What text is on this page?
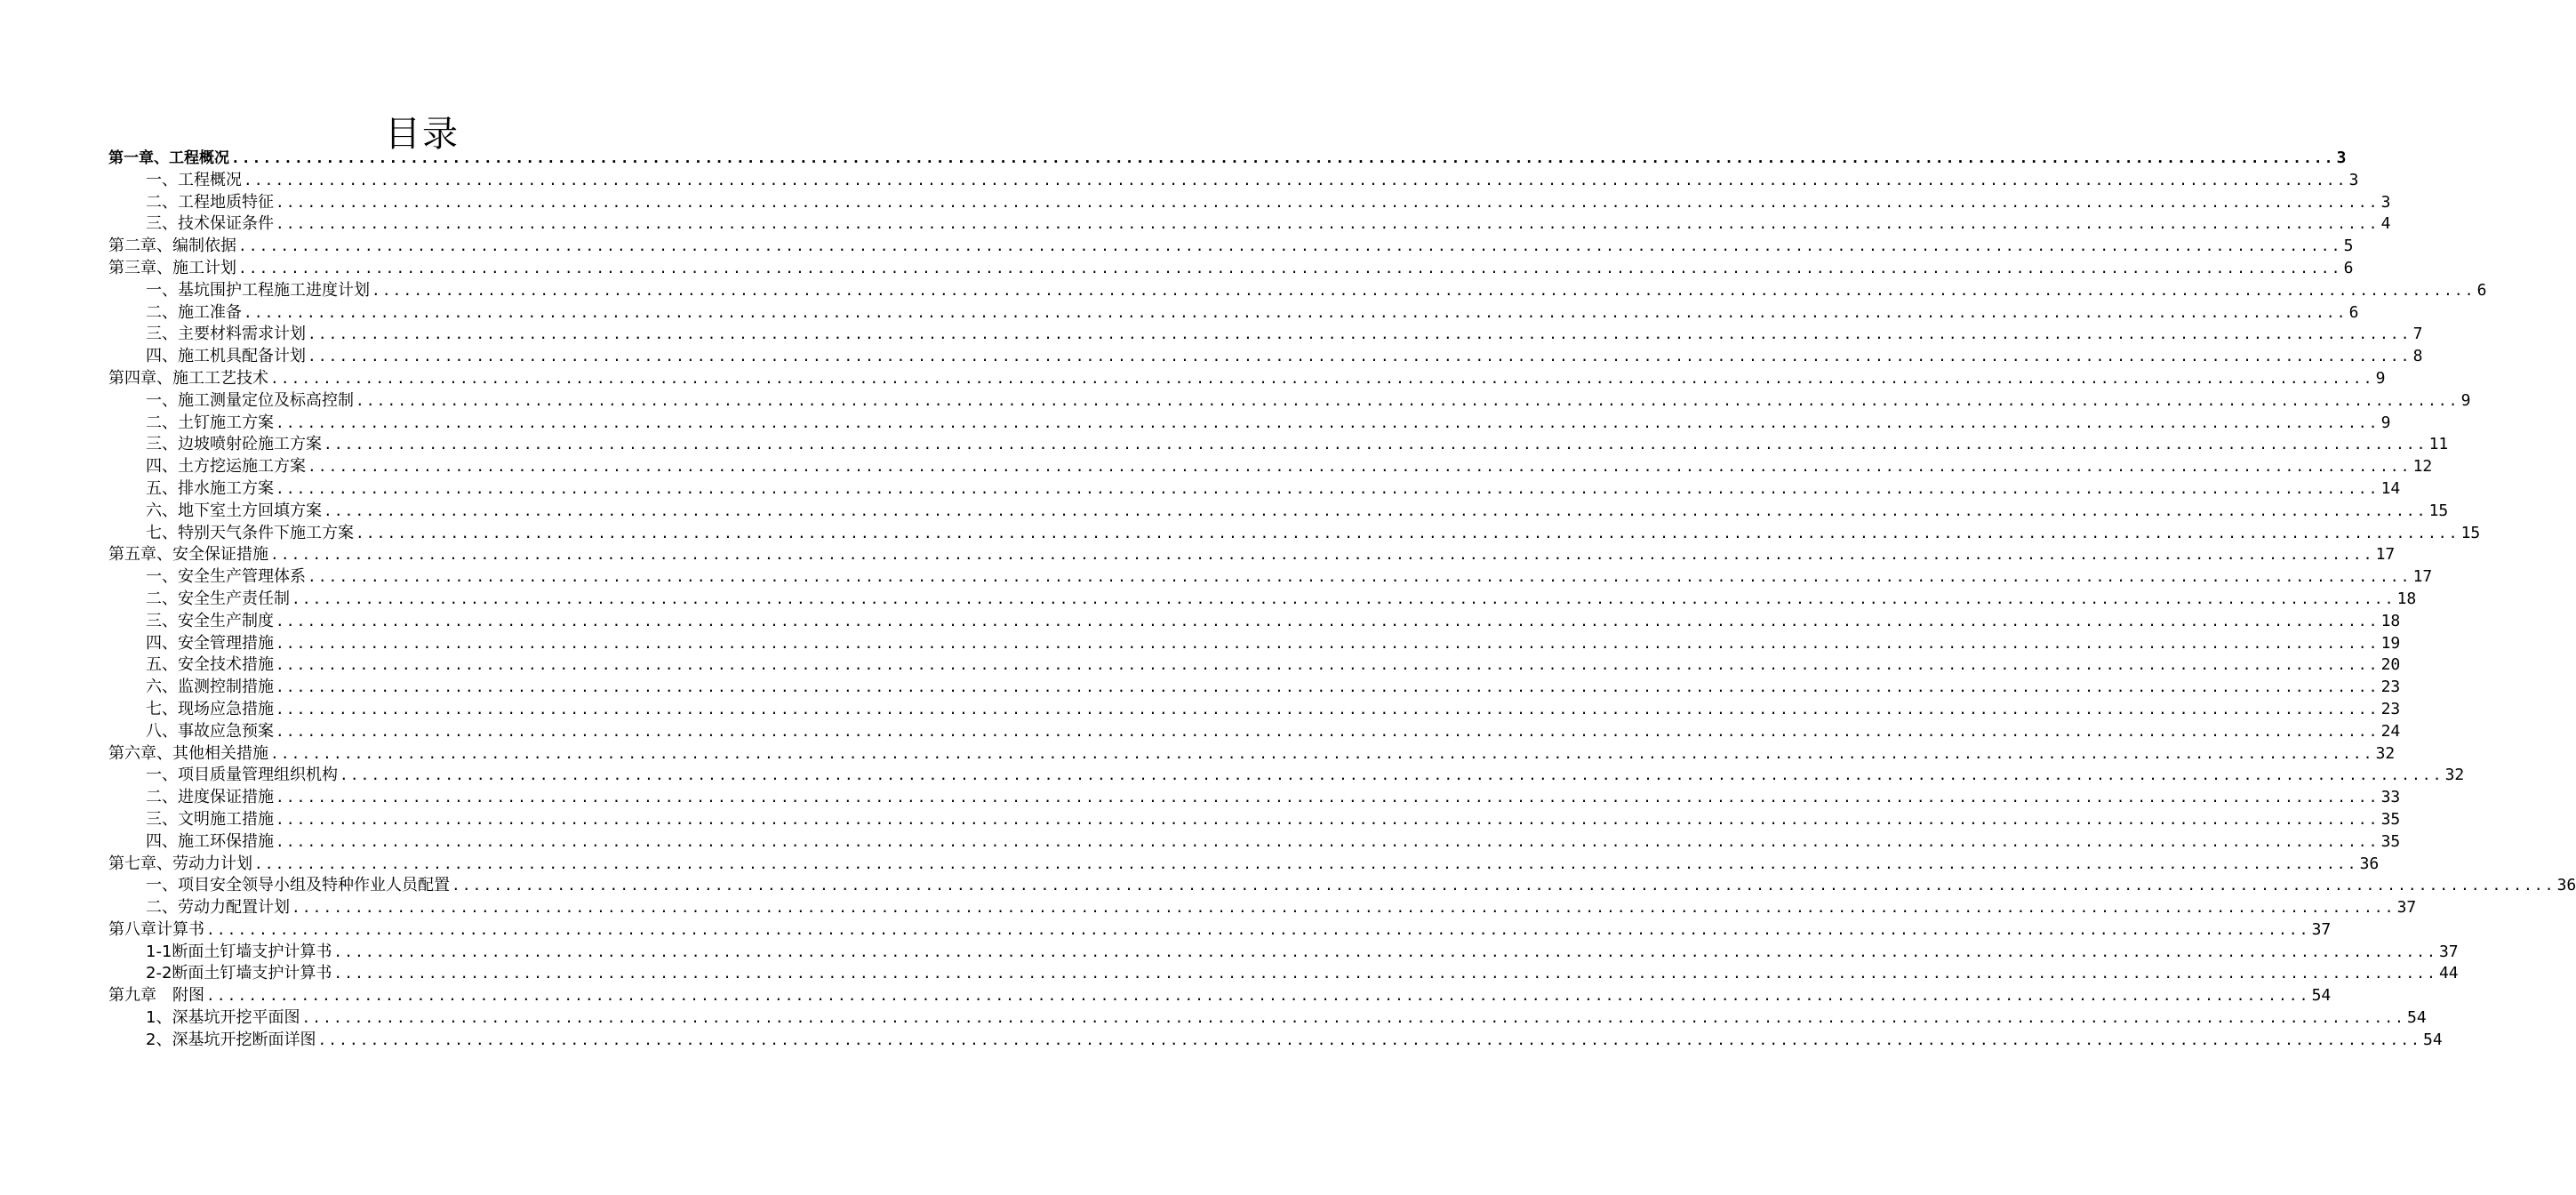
目录
第一章、工程概况 ........................................................................................................................................................................................................ 3
一、工程概况 ........................................................................................................................................................................................................ 3
二、工程地质特征 ........................................................................................................................................................................................................ 3
三、技术保证条件 ........................................................................................................................................................................................................ 4
第二章、编制依据 ........................................................................................................................................................................................................ 5
第三章、施工计划 ........................................................................................................................................................................................................ 6
一、基坑围护工程施工进度计划 ........................................................................................................................................................................................................ 6
二、施工准备 ........................................................................................................................................................................................................ 6
三、主要材料需求计划 ........................................................................................................................................................................................................ 7
四、施工机具配备计划 ........................................................................................................................................................................................................ 8
第四章、施工工艺技术 ........................................................................................................................................................................................................ 9
一、施工测量定位及标高控制 ........................................................................................................................................................................................................ 9
二、土钉施工方案 ........................................................................................................................................................................................................ 9
三、边坡喷射砼施工方案 ........................................................................................................................................................................................................ 11
四、土方挖运施工方案 ........................................................................................................................................................................................................ 12
五、排水施工方案 ........................................................................................................................................................................................................ 14
六、地下室土方回填方案 ........................................................................................................................................................................................................ 15
七、特别天气条件下施工方案 ........................................................................................................................................................................................................ 15
第五章、安全保证措施 ........................................................................................................................................................................................................ 17
一、安全生产管理体系 ........................................................................................................................................................................................................ 17
二、安全生产责任制 ........................................................................................................................................................................................................ 18
三、安全生产制度 ........................................................................................................................................................................................................ 18
四、安全管理措施 ........................................................................................................................................................................................................ 19
五、安全技术措施 ........................................................................................................................................................................................................ 20
六、监测控制措施 ........................................................................................................................................................................................................ 23
七、现场应急措施 ........................................................................................................................................................................................................ 23
八、事故应急预案 ........................................................................................................................................................................................................ 24
第六章、其他相关措施 ........................................................................................................................................................................................................ 32
一、项目质量管理组织机构 ........................................................................................................................................................................................................ 32
二、进度保证措施 ........................................................................................................................................................................................................ 33
三、文明施工措施 ........................................................................................................................................................................................................ 35
四、施工环保措施 ........................................................................................................................................................................................................ 35
第七章、劳动力计划 ........................................................................................................................................................................................................ 36
一、项目安全领导小组及特种作业人员配置 ........................................................................................................................................................................................................ 36
二、劳动力配置计划 ........................................................................................................................................................................................................ 37
第八章计算书 ........................................................................................................................................................................................................ 37
1-1断面土钉墙支护计算书 ........................................................................................................................................................................................................ 37
2-2断面土钉墙支护计算书 ........................................................................................................................................................................................................ 44
第九章　附图 ........................................................................................................................................................................................................ 54
1、深基坑开挖平面图 ........................................................................................................................................................................................................ 54
2、深基坑开挖断面详图 ........................................................................................................................................................................................................ 54
